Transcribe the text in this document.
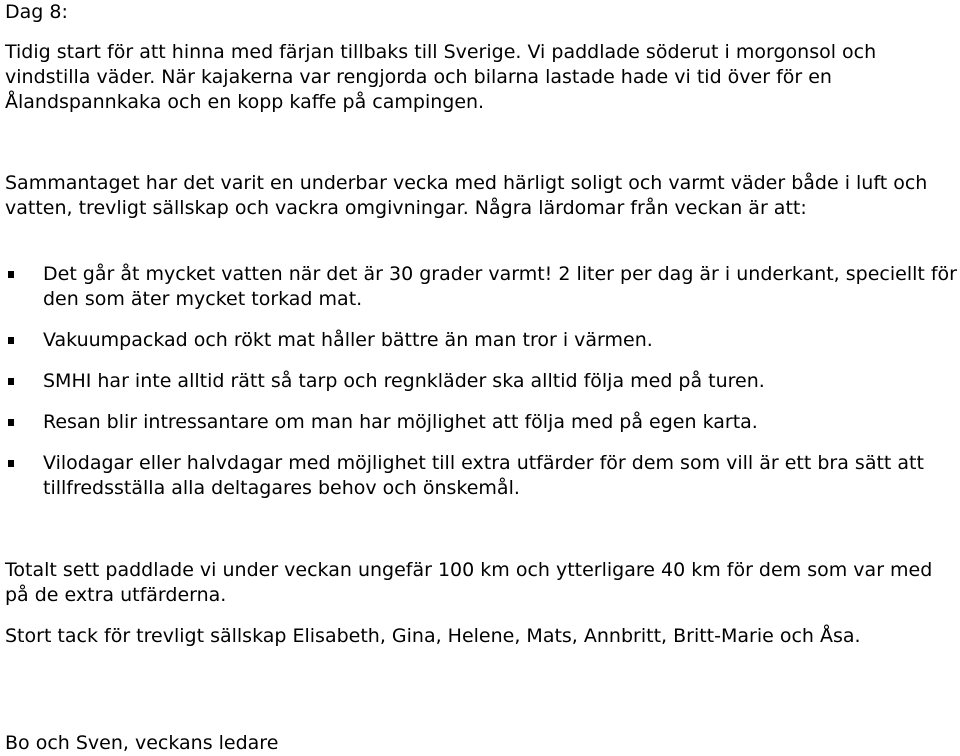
Dag 8:

Tidig start för att hinna med färjan tillbaks till Sverige. Vi paddlade söderut i morgonsol och vindstilla väder. När kajakerna var rengjorda och bilarna lastade hade vi tid över för en Ålandspannkaka och en kopp kaffe på campingen.

Sammantaget har det varit en underbar vecka med härligt soligt och varmt väder både i luft och vatten, trevligt sällskap och vackra omgivningar. Några lärdomar från veckan är att:

Det går åt mycket vatten när det är 30 grader varmt! 2 liter per dag är i underkant, speciellt för den som äter mycket torkad mat.
Vakuumpackad och rökt mat håller bättre än man tror i värmen.
SMHI har inte alltid rätt så tarp och regnkläder ska alltid följa med på turen.
Resan blir intressantare om man har möjlighet att följa med på egen karta.
Vilodagar eller halvdagar med möjlighet till extra utfärder för dem som vill är ett bra sätt att tillfredsställa alla deltagares behov och önskemål.

Totalt sett paddlade vi under veckan ungefär 100 km och ytterligare 40 km för dem som var med på de extra utfärderna.

Stort tack för trevligt sällskap Elisabeth, Gina, Helene, Mats, Annbritt, Britt-Marie och Åsa.

Bo och Sven, veckans ledare
